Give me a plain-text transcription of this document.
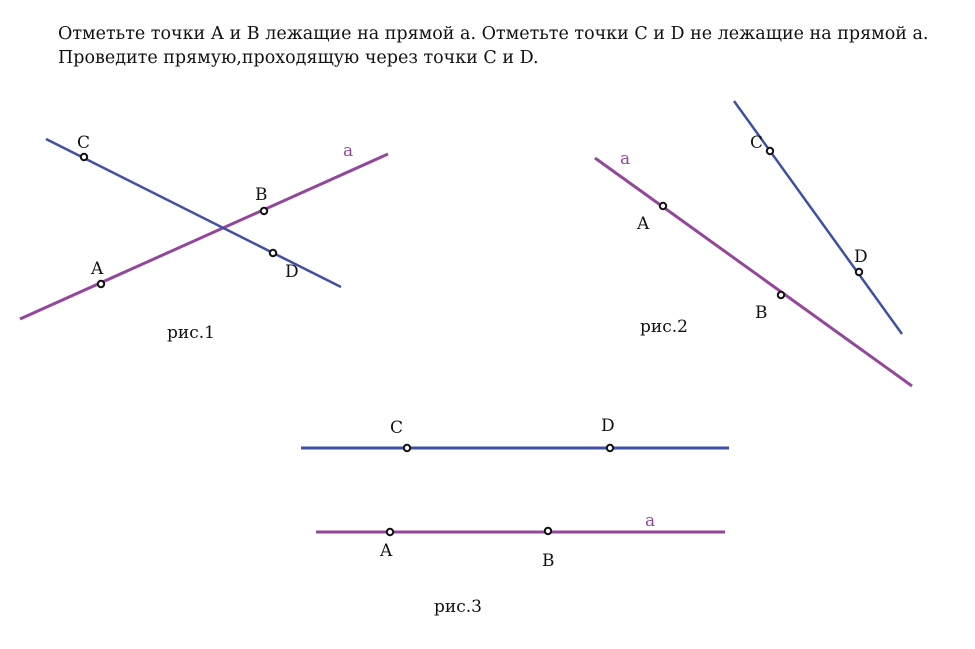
Отметьте точки А и В лежащие на прямой а. Отметьте точки С и D не лежащие на прямой а.
Проведите прямую,проходящую через точки С и D.
A
B
C
D
a
рис.1
A
B
C
D
a
рис.2
C	D
A	B
a
рис.3
